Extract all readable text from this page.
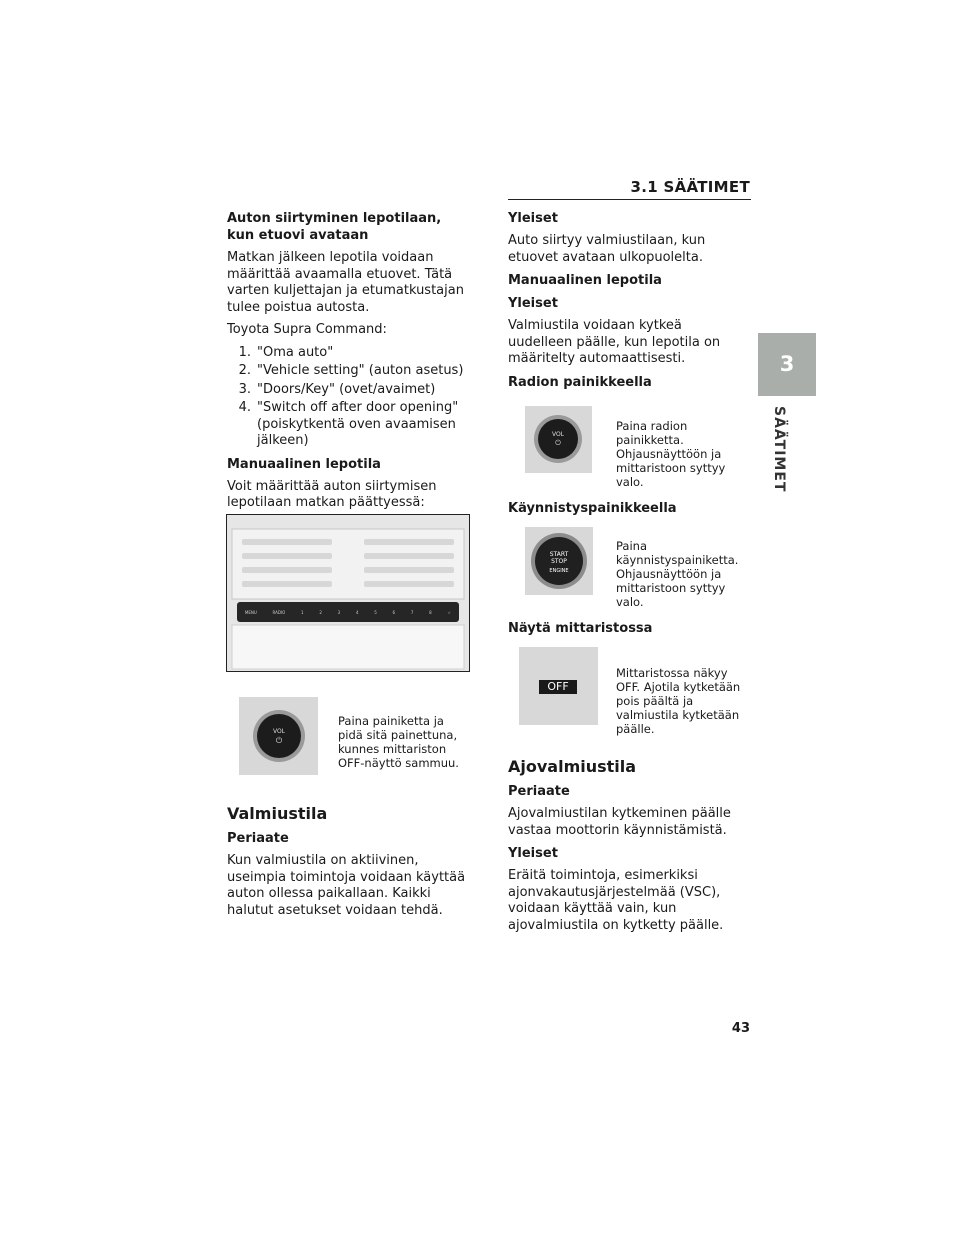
3.1 SÄÄTIMET
3
SÄÄTIMET
Auton siirtyminen lepotilaan, kun etuovi avataan

Matkan jälkeen lepotila voidaan määrittää avaamalla etuovet. Tätä varten kuljettajan ja etumatkustajan tulee poistua autosta.

Toyota Supra Command:

1. "Oma auto"
2. "Vehicle setting" (auton asetus)
3. "Doors/Key" (ovet/avaimet)
4. "Switch off after door opening" (poiskytkentä oven avaamisen jälkeen)
Manuaalinen lepotila

Voit määrittää auton siirtymisen lepotilaan matkan päättyessä:

MENU	RADIO	1	2	3	4	5	6	7	8	☆
VOL
⏻
Paina painiketta ja pidä sitä painettuna, kunnes mittariston OFF-näyttö sammuu.
Valmiustila
Periaate

Kun valmiustila on aktiivinen, useimpia toimintoja voidaan käyttää auton ollessa paikallaan. Kaikki halutut asetukset voidaan tehdä.

Yleiset

Auto siirtyy valmiustilaan, kun etuovet avataan ulkopuolelta.

Manuaalinen lepotila
Yleiset

Valmiustila voidaan kytkeä uudelleen päälle, kun lepotila on määritelty automaattisesti.

Radion painikkeella
VOL
⏻
Paina radion painikketta. Ohjausnäyttöön ja mittaristoon syttyy valo.
Käynnistyspainikkeella
START
STOP
ENGINE
Paina käynnistyspainiketta. Ohjausnäyttöön ja mittaristoon syttyy valo.
Näytä mittaristossa
OFF
Mittaristossa näkyy OFF. Ajotila kytketään pois päältä ja valmiustila kytketään päälle.
Ajovalmiustila
Periaate

Ajovalmiustilan kytkeminen päälle vastaa moottorin käynnistämistä.

Yleiset

Eräitä toimintoja, esimerkiksi ajonvakautusjärjestelmää (VSC), voidaan käyttää vain, kun ajovalmiustila on kytketty päälle.

43
